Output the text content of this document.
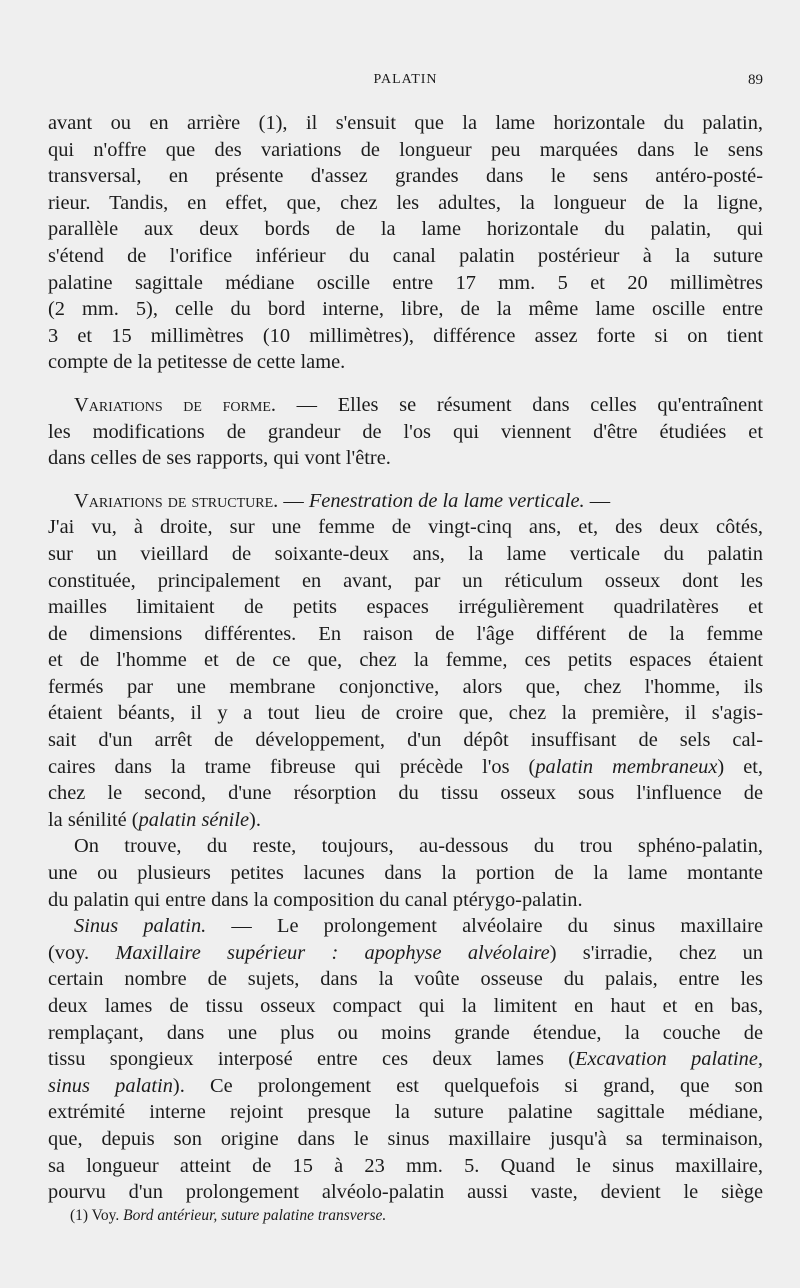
PALATIN	89

avant ou en arrière (1), il s'ensuit que la lame horizontale du palatin,
qui n'offre que des variations de longueur peu marquées dans le sens
transversal, en présente d'assez grandes dans le sens antéro-posté-
rieur. Tandis, en effet, que, chez les adultes, la longueur de la ligne,
parallèle aux deux bords de la lame horizontale du palatin, qui
s'étend de l'orifice inférieur du canal palatin postérieur à la suture
palatine sagittale médiane oscille entre 17 mm. 5 et 20 millimètres
(2 mm. 5), celle du bord interne, libre, de la même lame oscille entre
3 et 15 millimètres (10 millimètres), différence assez forte si on tient
compte de la petitesse de cette lame.

Variations de forme. — Elles se résument dans celles qu'entraînent
les modifications de grandeur de l'os qui viennent d'être étudiées et
dans celles de ses rapports, qui vont l'être.

Variations de structure. — Fenestration de la lame verticale. —
J'ai vu, à droite, sur une femme de vingt-cinq ans, et, des deux côtés,
sur un vieillard de soixante-deux ans, la lame verticale du palatin
constituée, principalement en avant, par un réticulum osseux dont les
mailles limitaient de petits espaces irrégulièrement quadrilatères et
de dimensions différentes. En raison de l'âge différent de la femme
et de l'homme et de ce que, chez la femme, ces petits espaces étaient
fermés par une membrane conjonctive, alors que, chez l'homme, ils
étaient béants, il y a tout lieu de croire que, chez la première, il s'agis-
sait d'un arrêt de développement, d'un dépôt insuffisant de sels cal-
caires dans la trame fibreuse qui précède l'os (palatin membraneux) et,
chez le second, d'une résorption du tissu osseux sous l'influence de
la sénilité (palatin sénile).

On trouve, du reste, toujours, au-dessous du trou sphéno-palatin,
une ou plusieurs petites lacunes dans la portion de la lame montante
du palatin qui entre dans la composition du canal ptérygo-palatin.

Sinus palatin. — Le prolongement alvéolaire du sinus maxillaire
(voy. Maxillaire supérieur : apophyse alvéolaire) s'irradie, chez un
certain nombre de sujets, dans la voûte osseuse du palais, entre les
deux lames de tissu osseux compact qui la limitent en haut et en bas,
remplaçant, dans une plus ou moins grande étendue, la couche de
tissu spongieux interposé entre ces deux lames (Excavation palatine,
sinus palatin). Ce prolongement est quelquefois si grand, que son
extrémité interne rejoint presque la suture palatine sagittale médiane,
que, depuis son origine dans le sinus maxillaire jusqu'à sa terminaison,
sa longueur atteint de 15 à 23 mm. 5. Quand le sinus maxillaire,
pourvu d'un prolongement alvéolo-palatin aussi vaste, devient le siège

(1) Voy. Bord antérieur, suture palatine transverse.
